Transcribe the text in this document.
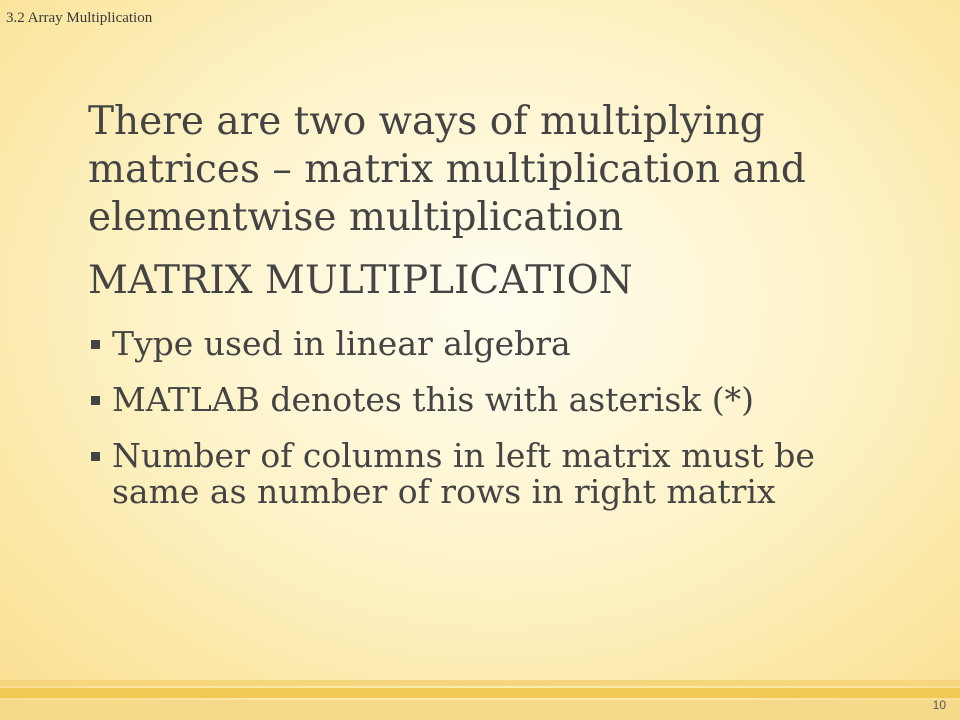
3.2 Array Multiplication

There are two ways of multiplying matrices – matrix multiplication and elementwise multiplication

MATRIX MULTIPLICATION
Type used in linear algebra
MATLAB denotes this with asterisk (*)
Number of columns in left matrix must be same as number of rows in right matrix
10
